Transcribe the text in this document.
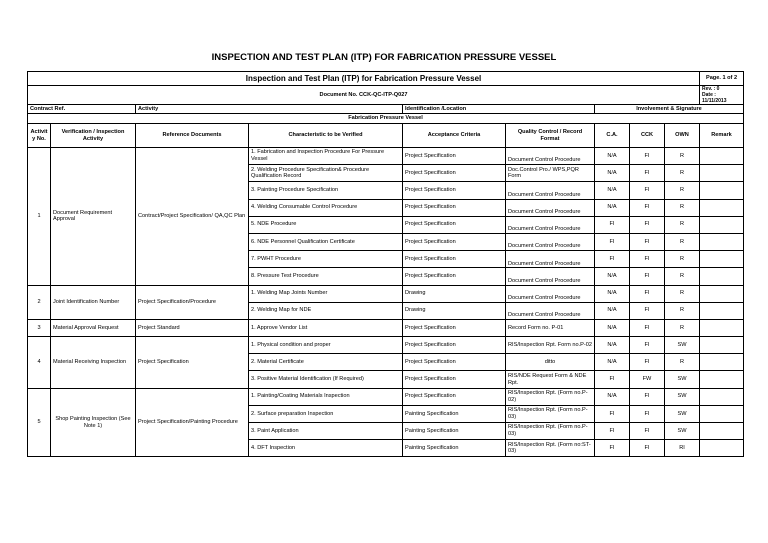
INSPECTION AND TEST PLAN (ITP) FOR FABRICATION PRESSURE VESSEL
Inspection and Test Plan (ITP) for Fabrication Pressure Vessel									Page. 1 of 2
Document No. CCK-QC-ITP-Q027									Rev. : 0
Date : 11/11/2013

Contract Ref.		Activity		Identification /Location		Involvement & Signature			
Fabrication Pressure Vessel									
Activit y No.	Verification / Inspection Activity	Reference Documents	Characteristic to be Verified	Acceptance Criteria	Quality Control / Record Format	C.A.	CCK	OWN	Remark
1	Document Requirement Approval	Contract/Project Specification/ QA,QC Plan	1. Fabrication and Inspection Procedure For Pressure Vessel	Project Specification	Document Control Procedure	N/A	FI	R	
			2. Welding Procedure Specification& Procedure Qualification Record	Project Specification	Doc.Control Pro./ WPS,PQR Form	N/A	FI	R	
			3. Painting Procedure Specification	Project Specification	Document Control Procedure	N/A	FI	R	
			4. Welding Consumable Control Procedure	Project Specification	Document Control Procedure	N/A	FI	R	
			5. NDE Procedure	Project Specification	Document Control Procedure	FI	FI	R	
			6. NDE Personnel Qualification Certificate	Project Specification	Document Control Procedure	FI	FI	R	
			7. PWHT Procedure	Project Specification	Document Control Procedure	FI	FI	R	
			8. Pressure Test Procedure	Project Specification	Document Control Procedure	N/A	FI	R	
2	Joint Identification Number	Project Specification/Procedure	1. Welding Map Joints Number	Drawing	Document Control Procedure	N/A	FI	R	
			2. Welding Map for NDE	Drawing	Document Control Procedure	N/A	FI	R	
3	Material Approval Request	Project Standard	1. Approve Vendor List	Project Specification	Record Form no. P-01	N/A	FI	R	
4	Material Receiving Inspection	Project Specification	1. Physical condition and proper	Project Specification	RIS/Inspection Rpt. Form no.P-02	N/A	FI	SW	
			2. Material Certificate	Project Specification	ditto	N/A	FI	R	
			3. Positive Material Identification (If Required)	Project Specification	RIS/NDE Request Form & NDE Rpt.	FI	FW	SW	
5	Shop Painting Inspection (See Note 1)	Project Specification/Painting Procedure	1. Painting/Coating Materials Inspection	Project Specification	RIS/Inspection Rpt. (Form no.P-02)	N/A	FI	SW	
			2. Surface preparation Inspection	Painting Specification	RIS/Inspection Rpt. (Form no.P-03)	FI	FI	SW	
			3. Paint Application	Painting Specification	RIS/Inspection Rpt. (Form no.P-03)	FI	FI	SW	
			4. DFT Inspection	Painting Specification	RIS/Inspection Rpt. (Form no:ST-03)	FI	FI	RI	
